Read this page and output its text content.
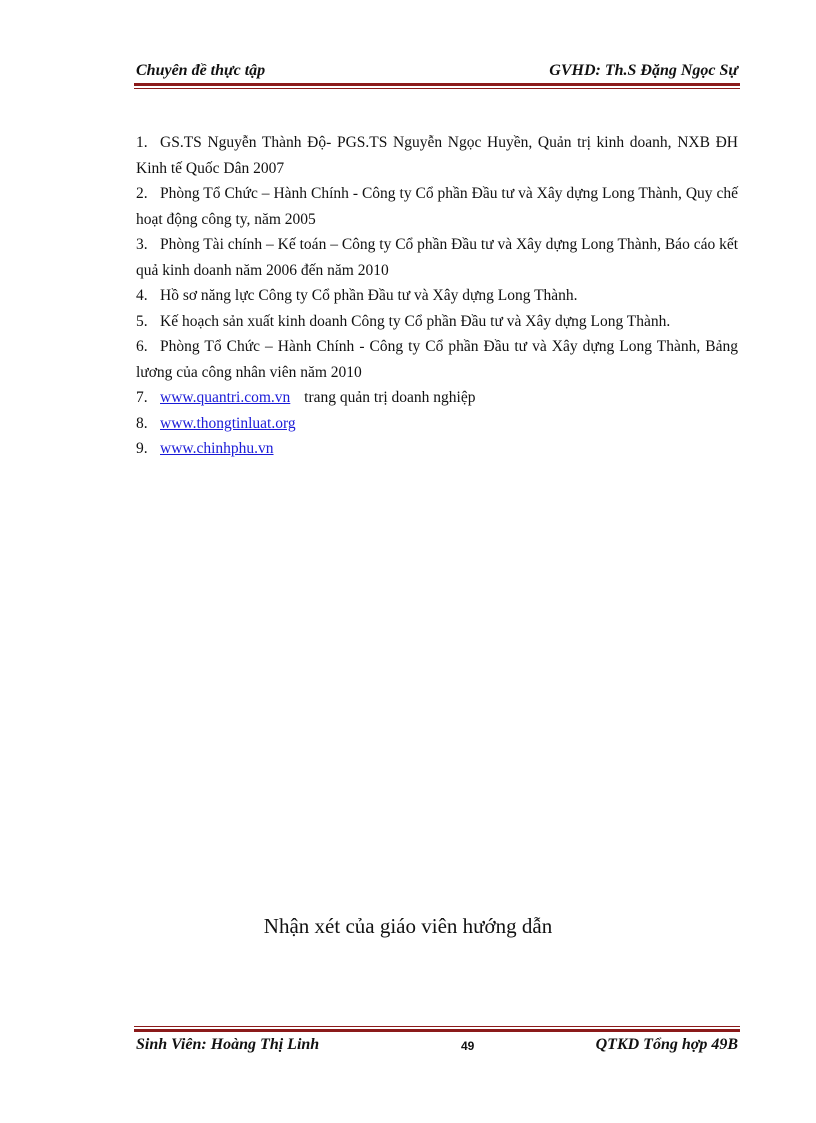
Chuyên đề thực tập	GVHD: Th.S Đặng Ngọc Sự
1. GS.TS Nguyễn Thành Độ- PGS.TS Nguyễn Ngọc Huyền, Quản trị kinh doanh, NXB ĐH Kinh tế Quốc Dân 2007
2. Phòng Tổ Chức – Hành Chính - Công ty Cổ phần Đầu tư và Xây dựng Long Thành, Quy chế hoạt động công ty, năm 2005
3. Phòng Tài chính – Kế toán – Công ty Cổ phần Đầu tư và Xây dựng Long Thành, Báo cáo kết quả kinh doanh năm 2006 đến năm 2010
4. Hồ sơ năng lực Công ty Cổ phần Đầu tư và Xây dựng Long Thành.
5. Kế hoạch sản xuất kinh doanh Công ty Cổ phần Đầu tư và Xây dựng Long Thành.
6. Phòng Tổ Chức – Hành Chính - Công ty Cổ phần Đầu tư và Xây dựng Long Thành, Bảng lương của công nhân viên năm 2010
7. www.quantri.com.vn trang quản trị doanh nghiệp
8. www.thongtinluat.org
9. www.chinhphu.vn
Nhận xét của giáo viên hướng dẫn
Sinh Viên: Hoàng Thị Linh	49	QTKD Tổng hợp 49B
